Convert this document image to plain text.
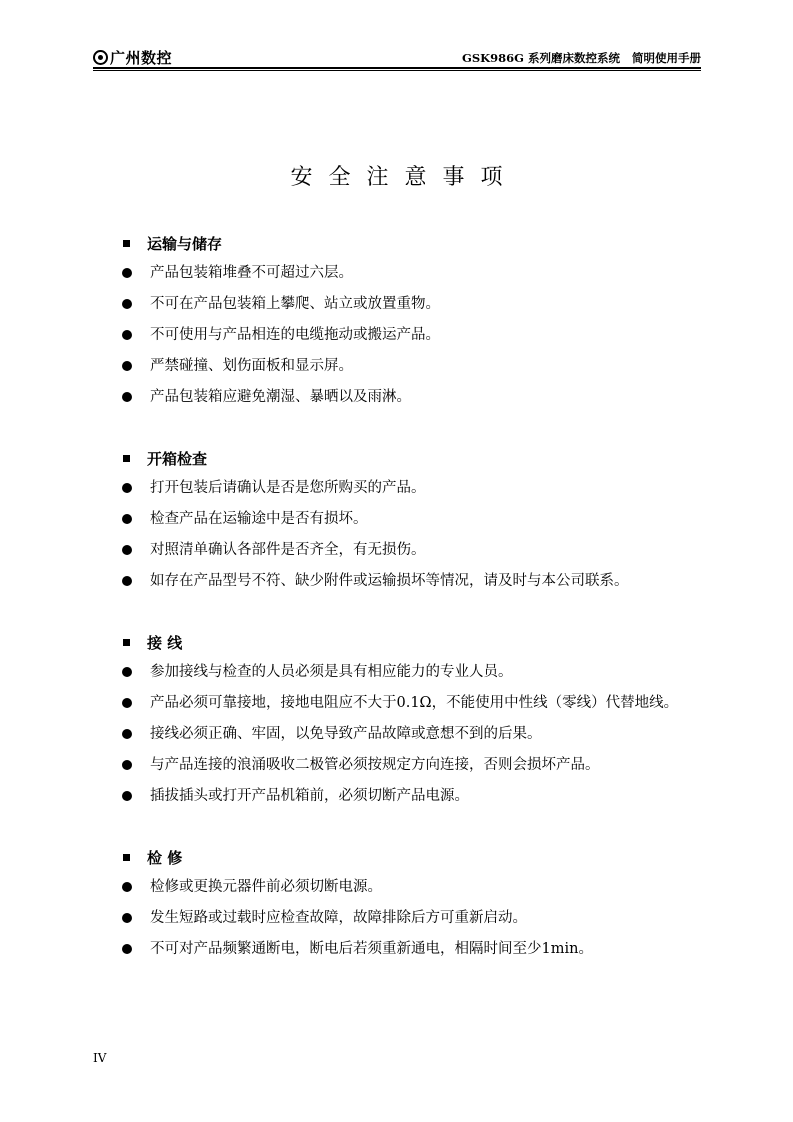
广州数控	GSK986G 系列磨床数控系统   简明使用手册
安全注意事项
运输与储存
产品包装箱堆叠不可超过六层。
不可在产品包装箱上攀爬、站立或放置重物。
不可使用与产品相连的电缆拖动或搬运产品。
严禁碰撞、划伤面板和显示屏。
产品包装箱应避免潮湿、暴晒以及雨淋。
开箱检查
打开包装后请确认是否是您所购买的产品。
检查产品在运输途中是否有损坏。
对照清单确认各部件是否齐全，有无损伤。
如存在产品型号不符、缺少附件或运输损坏等情况，请及时与本公司联系。
接 线
参加接线与检查的人员必须是具有相应能力的专业人员。
产品必须可靠接地，接地电阻应不大于0.1Ω，不能使用中性线（零线）代替地线。
接线必须正确、牢固，以免导致产品故障或意想不到的后果。
与产品连接的浪涌吸收二极管必须按规定方向连接，否则会损坏产品。
插拔插头或打开产品机箱前，必须切断产品电源。
检 修
检修或更换元器件前必须切断电源。
发生短路或过载时应检查故障，故障排除后方可重新启动。
不可对产品频繁通断电，断电后若须重新通电，相隔时间至少1min。
IV
